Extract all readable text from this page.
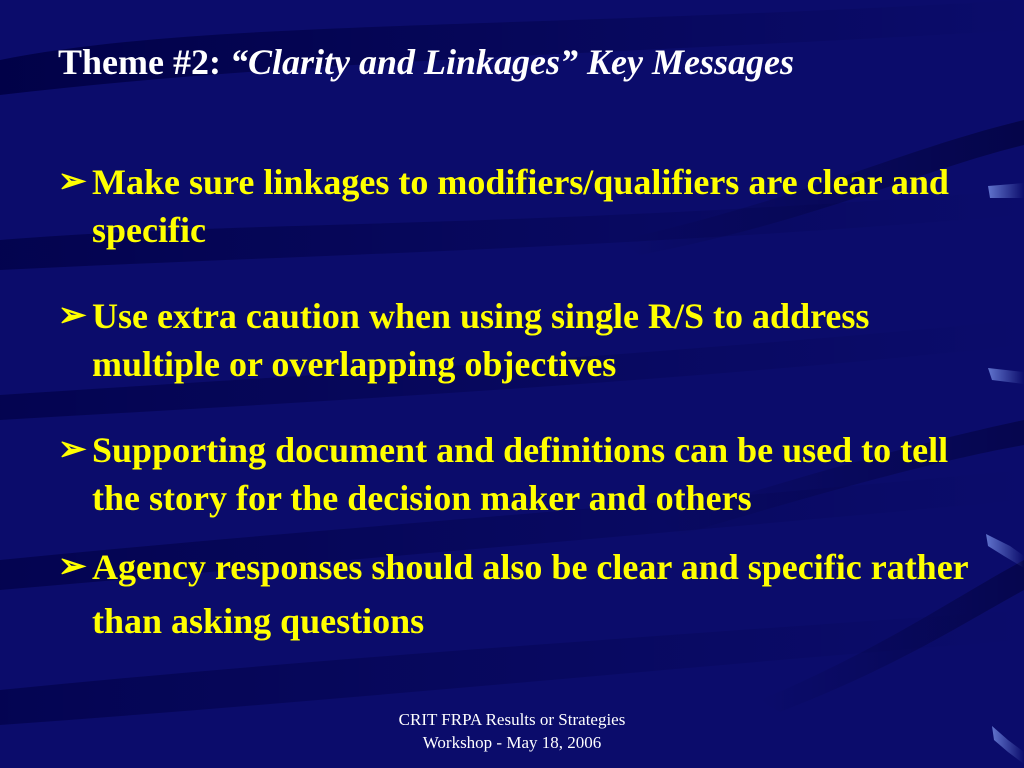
Theme #2: “Clarity and Linkages” Key Messages
➢ Make sure linkages to modifiers/qualifiers are clear and specific
➢ Use extra caution when using single R/S to address multiple or overlapping objectives
➢ Supporting document and definitions can be used to tell the story for the decision maker and others
➢ Agency responses should also be clear and specific rather than asking questions
CRIT FRPA Results or Strategies
Workshop - May 18, 2006
